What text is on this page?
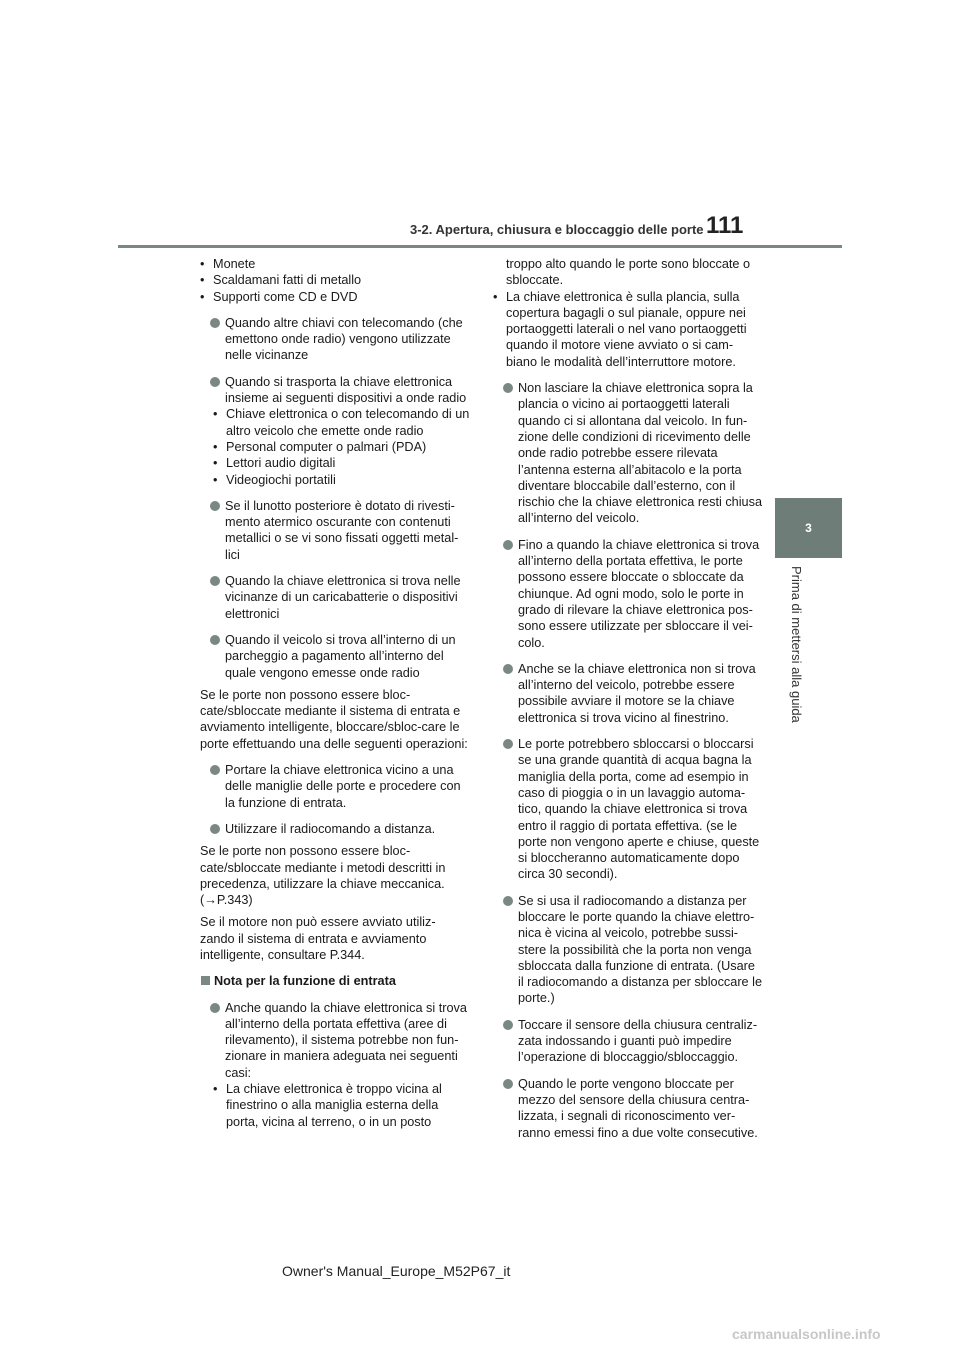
3-2. Apertura, chiusura e bloccaggio delle porte 111
3
Prima di mettersi alla guida
• Monete
• Scaldamani fatti di metallo
• Supporti come CD e DVD
Quando altre chiavi con telecomando (che emettono onde radio) vengono utilizzate nelle vicinanze
Quando si trasporta la chiave elettronica insieme ai seguenti dispositivi a onde radio
• Chiave elettronica o con telecomando di un altro veicolo che emette onde radio
• Personal computer o palmari (PDA)
• Lettori audio digitali
• Videogiochi portatili
Se il lunotto posteriore è dotato di rivesti-mento atermico oscurante con contenuti metallici o se vi sono fissati oggetti metal-lici
Quando la chiave elettronica si trova nelle vicinanze di un caricabatterie o dispositivi elettronici
Quando il veicolo si trova all’interno di un parcheggio a pagamento all’interno del quale vengono emesse onde radio
Se le porte non possono essere bloc-cate/sbloccate mediante il sistema di entrata e avviamento intelligente, bloccare/sbloc-care le porte effettuando una delle seguenti operazioni:
Portare la chiave elettronica vicino a una delle maniglie delle porte e procedere con la funzione di entrata.
Utilizzare il radiocomando a distanza.
Se le porte non possono essere bloc-cate/sbloccate mediante i metodi descritti in precedenza, utilizzare la chiave meccanica.
(→P.343)
Se il motore non può essere avviato utiliz-zando il sistema di entrata e avviamento intelligente, consultare P.344.
Nota per la funzione di entrata
Anche quando la chiave elettronica si trova all’interno della portata effettiva (aree di rilevamento), il sistema potrebbe non fun-zionare in maniera adeguata nei seguenti casi:
• La chiave elettronica è troppo vicina al finestrino o alla maniglia esterna della porta, vicina al terreno, o in un posto
troppo alto quando le porte sono bloccate o sbloccate.
• La chiave elettronica è sulla plancia, sulla copertura bagagli o sul pianale, oppure nei portaoggetti laterali o nel vano portaoggetti quando il motore viene avviato o si cam-biano le modalità dell’interruttore motore.
Non lasciare la chiave elettronica sopra la plancia o vicino ai portaoggetti laterali quando ci si allontana dal veicolo. In fun-zione delle condizioni di ricevimento delle onde radio potrebbe essere rilevata l’antenna esterna all’abitacolo e la porta diventare bloccabile dall’esterno, con il rischio che la chiave elettronica resti chiusa all’interno del veicolo.
Fino a quando la chiave elettronica si trova all’interno della portata effettiva, le porte possono essere bloccate o sbloccate da chiunque. Ad ogni modo, solo le porte in grado di rilevare la chiave elettronica pos-sono essere utilizzate per sbloccare il vei-colo.
Anche se la chiave elettronica non si trova all’interno del veicolo, potrebbe essere possibile avviare il motore se la chiave elettronica si trova vicino al finestrino.
Le porte potrebbero sbloccarsi o bloccarsi se una grande quantità di acqua bagna la maniglia della porta, come ad esempio in caso di pioggia o in un lavaggio automa-tico, quando la chiave elettronica si trova entro il raggio di portata effettiva. (se le porte non vengono aperte e chiuse, queste si bloccheranno automaticamente dopo circa 30 secondi).
Se si usa il radiocomando a distanza per bloccare le porte quando la chiave elettro-nica è vicina al veicolo, potrebbe sussi-stere la possibilità che la porta non venga sbloccata dalla funzione di entrata. (Usare il radiocomando a distanza per sbloccare le porte.)
Toccare il sensore della chiusura centraliz-zata indossando i guanti può impedire l’operazione di bloccaggio/sbloccaggio.
Quando le porte vengono bloccate per mezzo del sensore della chiusura centra-lizzata, i segnali di riconoscimento ver-ranno emessi fino a due volte consecutive.
Owner's Manual_Europe_M52P67_it
carmanualsonline.info
